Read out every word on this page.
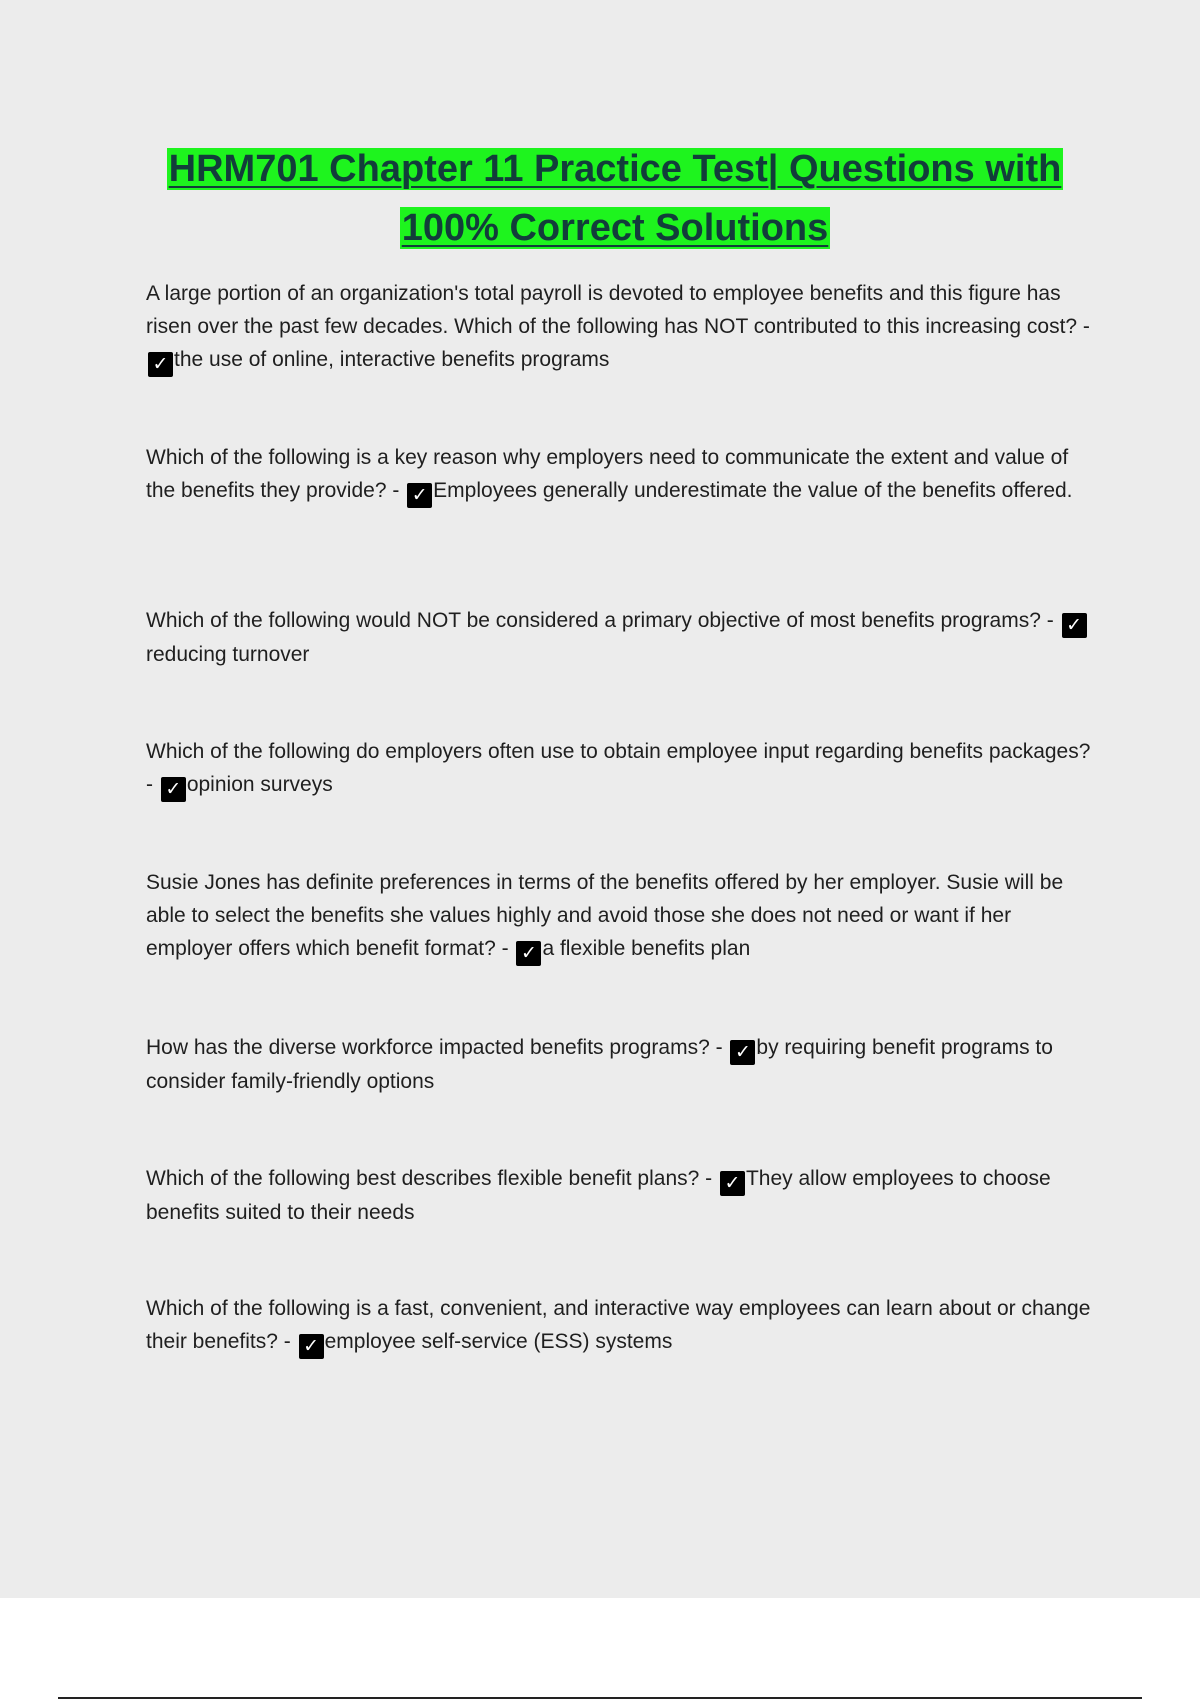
HRM701 Chapter 11 Practice Test| Questions with
100% Correct Solutions

A large portion of an organization's total payroll is devoted to employee benefits and this figure has risen over the past few decades. Which of the following has NOT contributed to this increasing cost? - ✓ the use of online, interactive benefits programs

Which of the following is a key reason why employers need to communicate the extent and value of the benefits they provide? - ✓ Employees generally underestimate the value of the benefits offered.

Which of the following would NOT be considered a primary objective of most benefits programs? - ✓reducing turnover

Which of the following do employers often use to obtain employee input regarding benefits packages? - ✓ opinion surveys

Susie Jones has definite preferences in terms of the benefits offered by her employer. Susie will be able to select the benefits she values highly and avoid those she does not need or want if her employer offers which benefit format? - ✓ a flexible benefits plan

How has the diverse workforce impacted benefits programs? - ✓ by requiring benefit programs to consider family-friendly options

Which of the following best describes flexible benefit plans? - ✓ They allow employees to choose benefits suited to their needs

Which of the following is a fast, convenient, and interactive way employees can learn about or change their benefits? - ✓ employee self-service (ESS) systems
